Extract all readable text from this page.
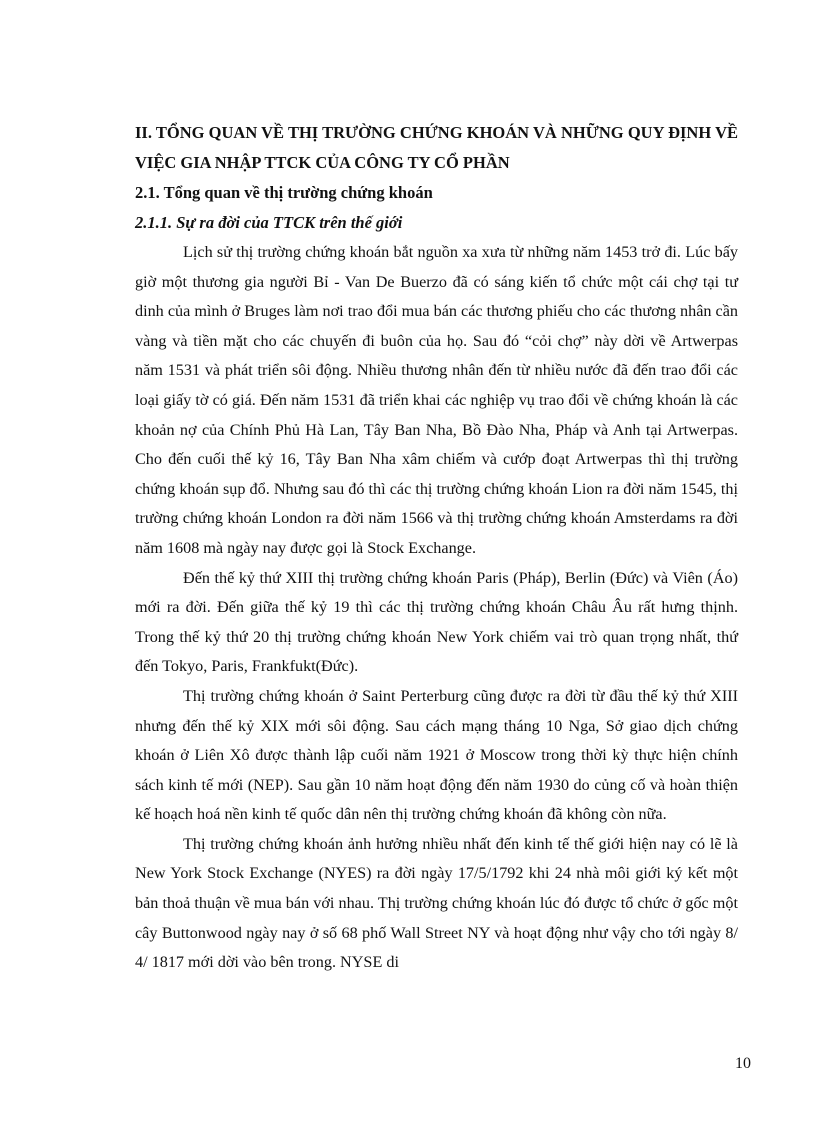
II. TỔNG QUAN VỀ THỊ TRƯỜNG CHỨNG KHOÁN VÀ NHỮNG QUY ĐỊNH VỀ VIỆC GIA NHẬP TTCK CỦA CÔNG TY CỔ PHẦN

2.1. Tổng quan về thị trường chứng khoán

2.1.1. Sự ra đời của TTCK trên thế giới

Lịch sử thị trường chứng khoán bắt nguồn xa xưa từ những năm 1453 trở đi. Lúc bấy giờ một thương gia người Bỉ - Van De Buerzo đã có sáng kiến tổ chức một cái chợ tại tư dinh của mình ở Bruges làm nơi trao đổi mua bán các thương phiếu cho các thương nhân cần vàng và tiền mặt cho các chuyến đi buôn của họ. Sau đó “cỏi chợ” này dời về Artwerpas năm 1531 và phát triển sôi động. Nhiều thương nhân đến từ nhiều nước đã đến trao đổi các loại giấy tờ có giá. Đến năm 1531 đã triển khai các nghiệp vụ trao đổi về chứng khoán là các khoản nợ của Chính Phủ Hà Lan, Tây Ban Nha, Bồ Đào Nha, Pháp và Anh tại Artwerpas. Cho đến cuối thế kỷ 16, Tây Ban Nha xâm chiếm và cướp đoạt Artwerpas thì thị trường chứng khoán sụp đổ. Nhưng sau đó thì các thị trường chứng khoán Lion ra đời năm 1545, thị trường chứng khoán London ra đời năm 1566 và thị trường chứng khoán Amsterdams ra đời năm 1608 mà ngày nay được gọi là Stock Exchange.

Đến thế kỷ thứ XIII thị trường chứng khoán Paris (Pháp), Berlin (Đức) và Viên (Áo) mới ra đời. Đến giữa thế kỷ 19 thì các thị trường chứng khoán Châu Âu rất hưng thịnh. Trong thế kỷ thứ 20 thị trường chứng khoán New York chiếm vai trò quan trọng nhất, thứ đến Tokyo, Paris, Frankfukt(Đức).

Thị trường chứng khoán ở Saint Perterburg cũng được ra đời từ đầu thế kỷ thứ XIII nhưng đến thế kỷ XIX mới sôi động. Sau cách mạng tháng 10 Nga, Sở giao dịch chứng khoán ở Liên Xô được thành lập cuối năm 1921 ở Moscow trong thời kỳ thực hiện chính sách kinh tế mới (NEP). Sau gần 10 năm hoạt động đến năm 1930 do củng cố và hoàn thiện kế hoạch hoá nền kinh tế quốc dân nên thị trường chứng khoán đã không còn nữa.

Thị trường chứng khoán ảnh hưởng nhiều nhất đến kinh tế thế giới hiện nay có lẽ là New York Stock Exchange (NYES) ra đời ngày 17/5/1792 khi 24 nhà môi giới ký kết một bản thoả thuận về mua bán với nhau. Thị trường chứng khoán lúc đó được tổ chức ở gốc một cây Buttonwood ngày nay ở số 68 phố Wall Street NY và hoạt động như vậy cho tới ngày 8/ 4/ 1817 mới dời vào bên trong. NYSE di

10
